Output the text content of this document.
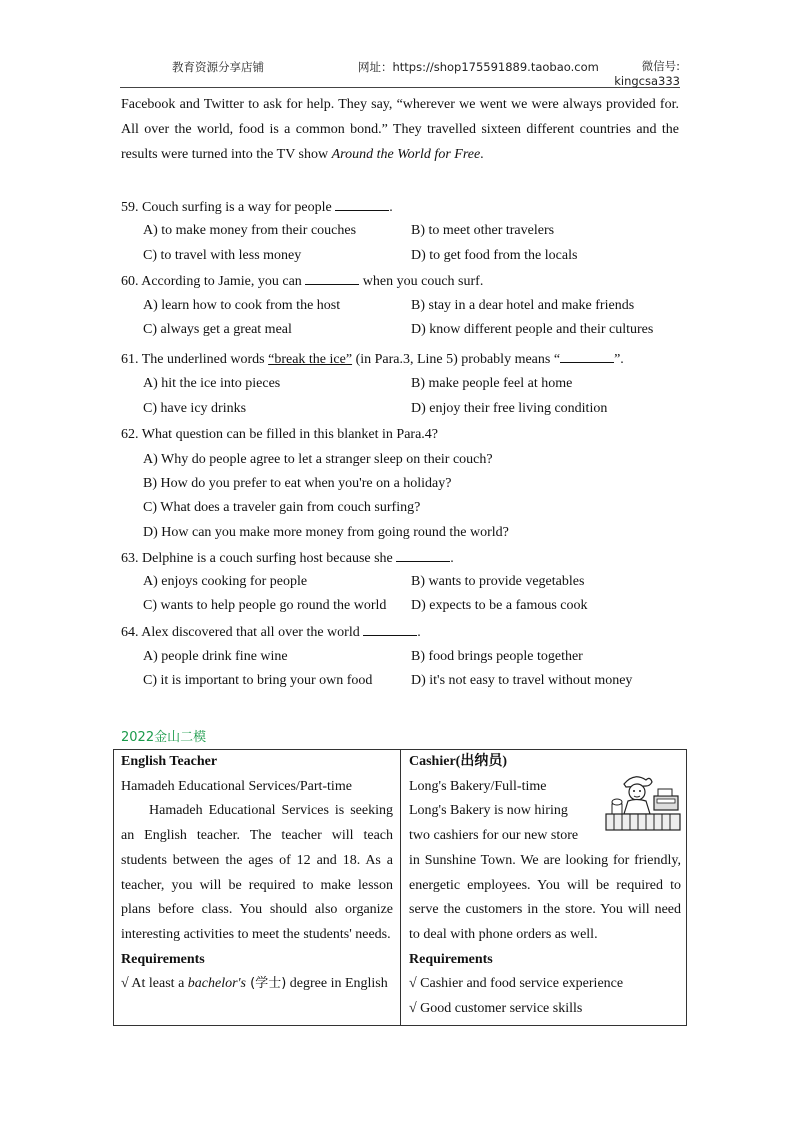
教育资源分享店铺	网址：https://shop175591889.taobao.com	微信号:
kingcsa333
Facebook and Twitter to ask for help. They say, “wherever we went we were always provided for. All over the world, food is a common bond.” They travelled sixteen different countries and the results were turned into the TV show Around the World for Free.
59. Couch surfing is a way for people	.
A) to make money from their couches	B) to meet other travelers
C) to travel with less money	D) to get food from the locals
60. According to Jamie, you can	when you couch surf.
A) learn how to cook from the host	B) stay in a dear hotel and make friends
C) always get a great meal	D) know different people and their cultures
61. The underlined words “break the ice” (in Para.3, Line 5) probably means “	”.
A) hit the ice into pieces	B) make people feel at home
C) have icy drinks	D) enjoy their free living condition
62. What question can be filled in this blanket in Para.4?
A) Why do people agree to let a stranger sleep on their couch?
B) How do you prefer to eat when you're on a holiday?
C) What does a traveler gain from couch surfing?
D) How can you make more money from going round the world?
63. Delphine is a couch surfing host because she	.
A) enjoys cooking for people	B) wants to provide vegetables
C) wants to help people go round the world D) expects to be a famous cook
64. Alex discovered that all over the world	.
A) people drink fine wine	B) food brings people together
C) it is important to bring your own food	D) it's not easy to travel without money
2022金山二模
English Teacher
Hamadeh Educational Services/Part-time
Hamadeh Educational Services is seeking an English teacher. The teacher will teach students between the ages of 12 and 18. As a teacher, you will be required to make lesson plans before class. You should also organize interesting activities to meet the students' needs.
Requirements
√ At least a bachelor's (学士) degree in English
Cashier(出纳员)
Long's Bakery/Full-time
Long's Bakery is now hiring
two cashiers for our new store
in Sunshine Town. We are looking for friendly, energetic employees. You will be required to serve the customers in the store. You will need to deal with phone orders as well.
Requirements
√ Cashier and food service experience
√ Good customer service skills
